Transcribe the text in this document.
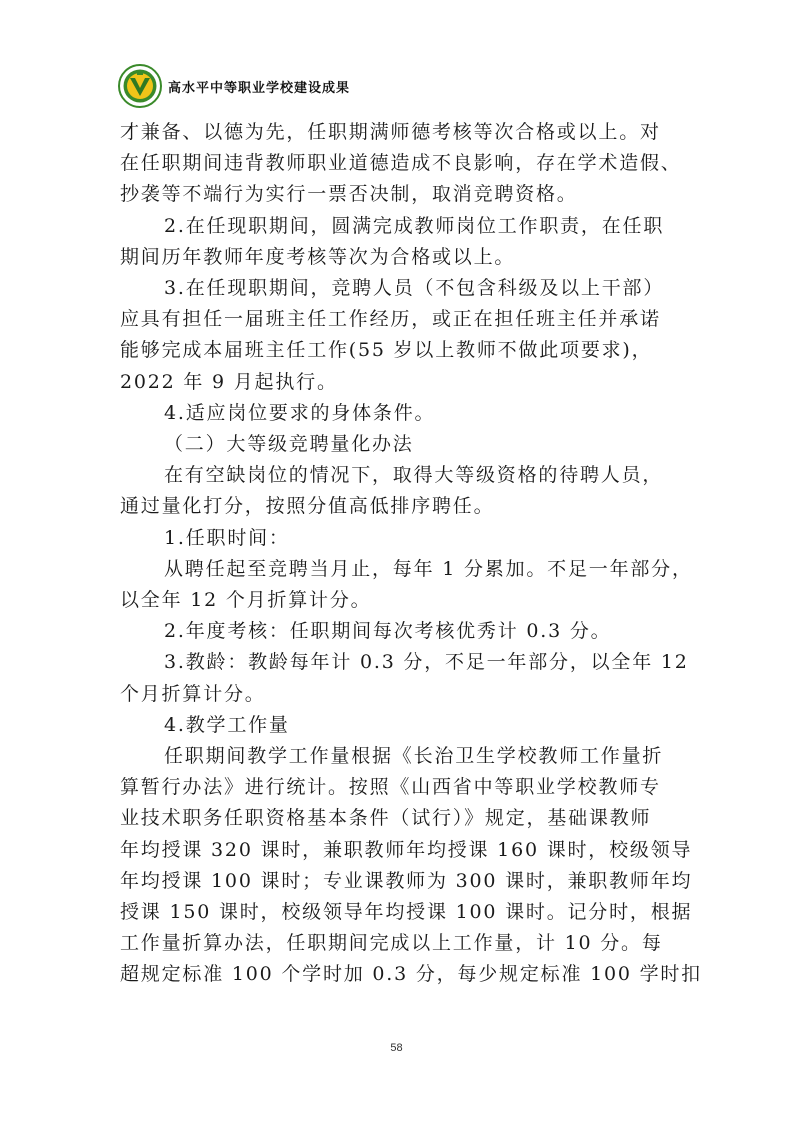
高水平中等职业学校建设成果

才兼备、以德为先，任职期满师德考核等次合格或以上。对

在任职期间违背教师职业道德造成不良影响，存在学术造假、

抄袭等不端行为实行一票否决制，取消竞聘资格。

2.在任现职期间，圆满完成教师岗位工作职责，在任职

期间历年教师年度考核等次为合格或以上。

3.在任现职期间，竞聘人员（不包含科级及以上干部）

应具有担任一届班主任工作经历，或正在担任班主任并承诺

能够完成本届班主任工作(55 岁以上教师不做此项要求)，

2022 年 9 月起执行。

4.适应岗位要求的身体条件。

（二）大等级竞聘量化办法

在有空缺岗位的情况下，取得大等级资格的待聘人员，

通过量化打分，按照分值高低排序聘任。

1.任职时间：

从聘任起至竞聘当月止，每年 1 分累加。不足一年部分，

以全年 12 个月折算计分。

2.年度考核：任职期间每次考核优秀计 0.3 分。

3.教龄：教龄每年计 0.3 分，不足一年部分，以全年 12

个月折算计分。

4.教学工作量

任职期间教学工作量根据《长治卫生学校教师工作量折

算暂行办法》进行统计。按照《山西省中等职业学校教师专

业技术职务任职资格基本条件（试行）》规定，基础课教师

年均授课 320 课时，兼职教师年均授课 160 课时，校级领导

年均授课 100 课时；专业课教师为 300 课时，兼职教师年均

授课 150 课时，校级领导年均授课 100 课时。记分时，根据

工作量折算办法，任职期间完成以上工作量，计 10 分。每

超规定标准 100 个学时加 0.3 分，每少规定标准 100 学时扣

58
